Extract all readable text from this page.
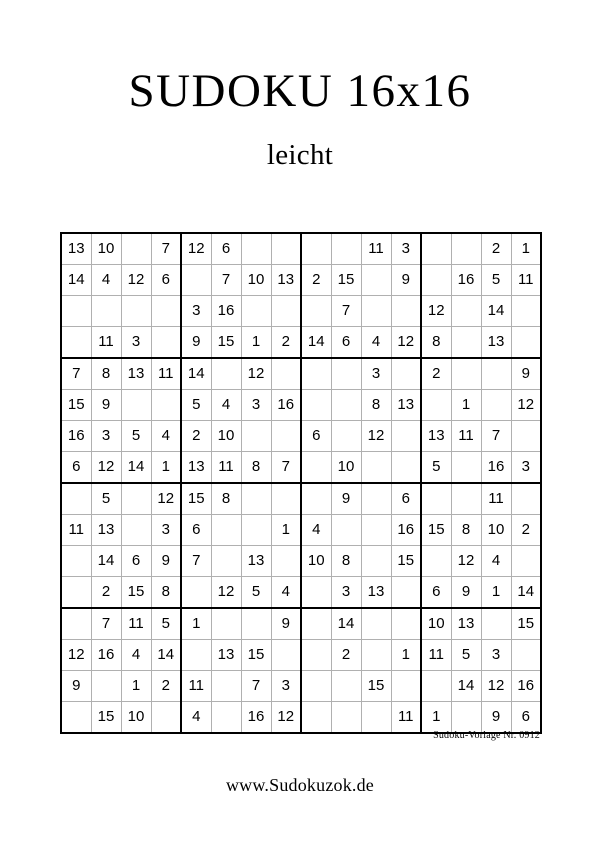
SUDOKU 16x16
leicht
13	10		7	12	6					11	3			2	1
14	4	12	6		7	10	13	2	15		9		16	5	11
				3	16				7			12		14	
	11	3		9	15	1	2	14	6	4	12	8		13	
7	8	13	11	14		12				3		2			9
15	9			5	4	3	16			8	13		1		12
16	3	5	4	2	10			6		12		13	11	7	
6	12	14	1	13	11	8	7		10			5		16	3
	5		12	15	8				9		6			11	
11	13		3	6			1	4			16	15	8	10	2
	14	6	9	7		13		10	8		15		12	4	
	2	15	8		12	5	4		3	13		6	9	1	14
	7	11	5	1			9		14			10	13		15
12	16	4	14		13	15			2		1	11	5	3	
9		1	2	11		7	3			15			14	12	16
	15	10		4		16	12				11	1		9	6
Sudoku-Vorlage Nr. 0912
www.Sudokuzok.de
